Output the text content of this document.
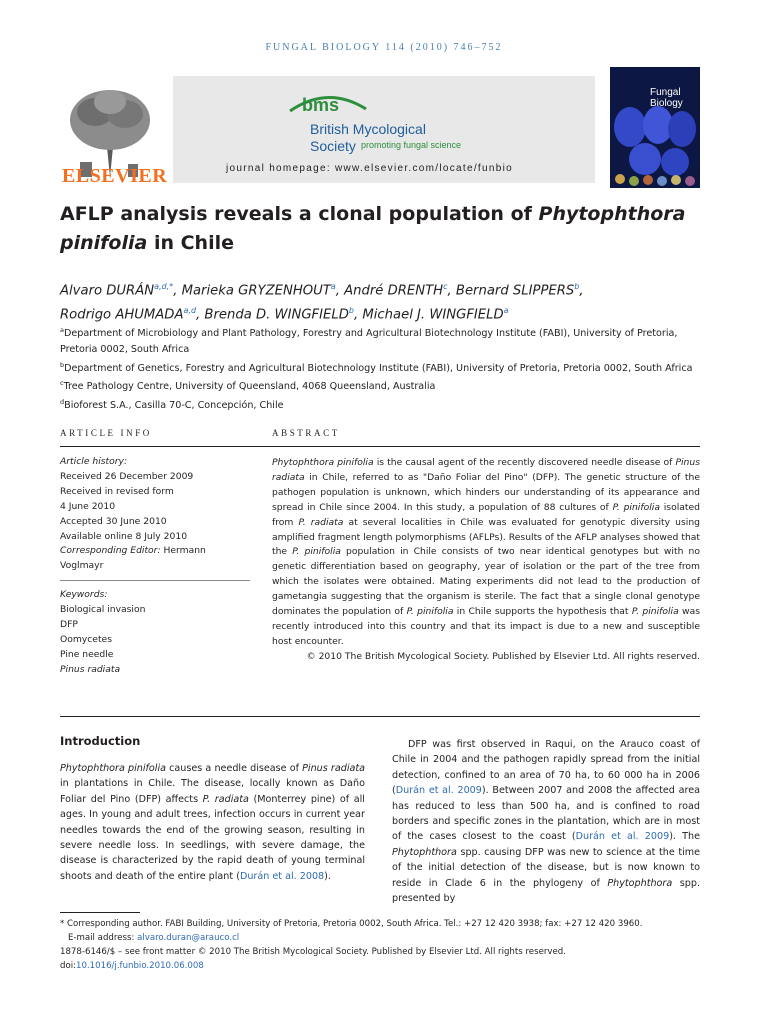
FUNGAL BIOLOGY 114 (2010) 746–752
ELSEVIER
bms
British Mycological
Society promoting fungal science
journal homepage: www.elsevier.com/locate/funbio
Fungal
Biology
AFLP analysis reveals a clonal population of Phytophthora
pinifolia in Chile
Alvaro $DURÁN^{a,d,*}$, Marieka GRYZENHOUT$^a$, André DRENTH$^c$, Bernard SLIPPERS$^b$,
Rodrigo AHUMADA$^{a,d}$, Brenda D. WINGFIELD$^b$, Michael J. WINGFIELD$^a$
$^a$Department of Microbiology and Plant Pathology, Forestry and Agricultural Biotechnology Institute (FABI), University of Pretoria, Pretoria 0002, South Africa
$^b$Department of Genetics, Forestry and Agricultural Biotechnology Institute (FABI), University of Pretoria, Pretoria 0002, South Africa
$^c$Tree Pathology Centre, University of Queensland, 4068 Queensland, Australia
$^d$Bioforest S.A., Casilla 70-C, Concepción, Chile
ARTICLE INFO	ABSTRACT
Article history:
Received 26 December 2009
Received in revised form
4 June 2010
Accepted 30 June 2010
Available online 8 July 2010
Corresponding Editor: Hermann
Voglmayr
Keywords:
Biological invasion
DFP
Oomycetes
Pine needle
Pinus radiata
Phytophthora pinifolia is the causal agent of the recently discovered needle disease of Pinus radiata in Chile, referred to as "Daño Foliar del Pino" (DFP). The genetic structure of the pathogen population is unknown, which hinders our understanding of its appearance and spread in Chile since 2004. In this study, a population of 88 cultures of P. pinifolia isolated from P. radiata at several localities in Chile was evaluated for genotypic diversity using amplified fragment length polymorphisms (AFLPs). Results of the AFLP analyses showed that the P. pinifolia population in Chile consists of two near identical genotypes but with no genetic differentiation based on geography, year of isolation or the part of the tree from which the isolates were obtained. Mating experiments did not lead to the production of gametangia suggesting that the organism is sterile. The fact that a single clonal genotype dominates the population of P. pinifolia in Chile supports the hypothesis that P. pinifolia was recently introduced into this country and that its impact is due to a new and susceptible host encounter.
© 2010 The British Mycological Society. Published by Elsevier Ltd. All rights reserved.
Introduction
Phytophthora pinifolia causes a needle disease of Pinus radiata in plantations in Chile. The disease, locally known as Daño Foliar del Pino (DFP) affects P. radiata (Monterrey pine) of all ages. In young and adult trees, infection occurs in current year needles towards the end of the growing season, resulting in severe needle loss. In seedlings, with severe damage, the disease is characterized by the rapid death of young terminal shoots and death of the entire plant (Durán et al. 2008).
DFP was first observed in Raqui, on the Arauco coast of Chile in 2004 and the pathogen rapidly spread from the initial detection, confined to an area of 70 ha, to 60 000 ha in 2006 (Durán et al. 2009). Between 2007 and 2008 the affected area has reduced to less than 500 ha, and is confined to road borders and specific zones in the plantation, which are in most of the cases closest to the coast (Durán et al. 2009). The Phytophthora spp. causing DFP was new to science at the time of the initial detection of the disease, but is now known to reside in Clade 6 in the phylogeny of Phytophthora spp. presented by
* Corresponding author. FABI Building, University of Pretoria, Pretoria 0002, South Africa. Tel.: +27 12 420 3938; fax: +27 12 420 3960.
E-mail address: alvaro.duran@arauco.cl
1878-6146/$ – see front matter © 2010 The British Mycological Society. Published by Elsevier Ltd. All rights reserved.
doi:10.1016/j.funbio.2010.06.008
